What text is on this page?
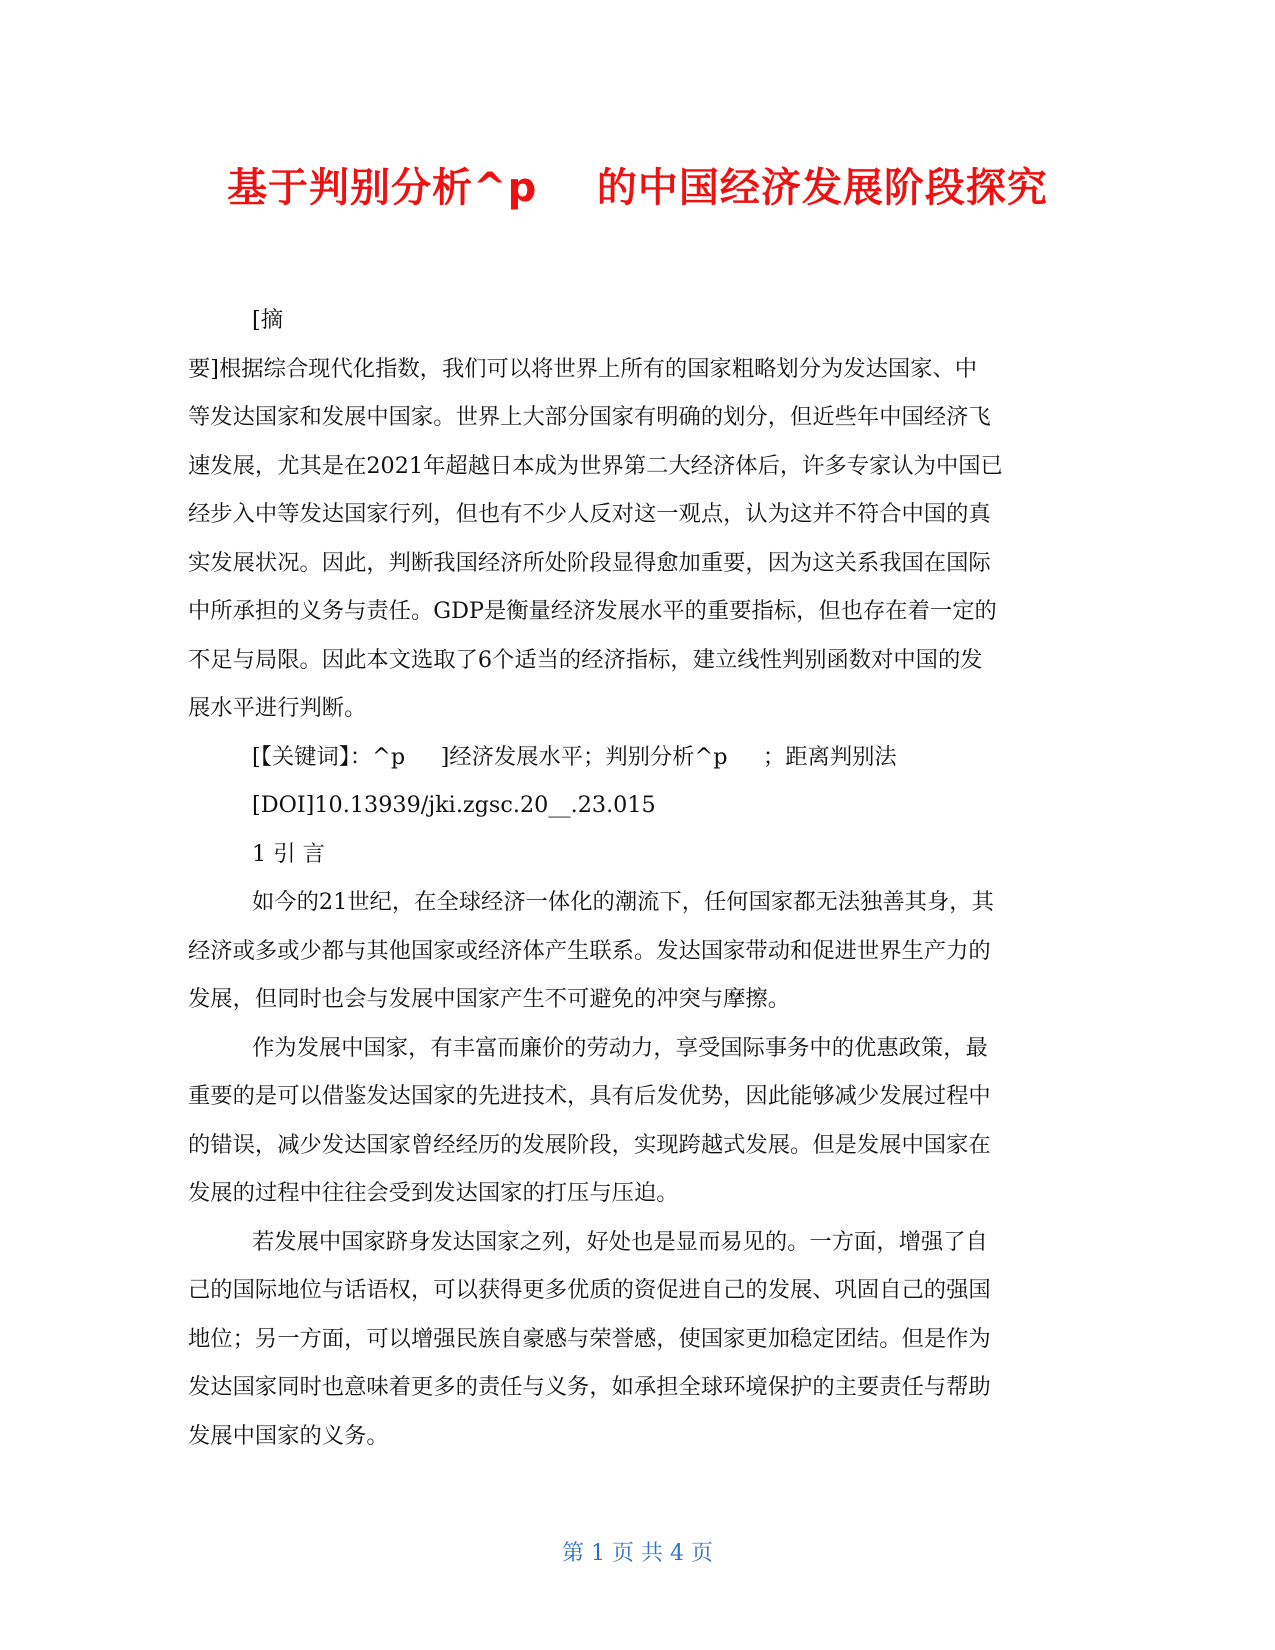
基于判别分析^p    的中国经济发展阶段探究
[摘
要]根据综合现代化指数，我们可以将世界上所有的国家粗略划分为发达国家、中
等发达国家和发展中国家。世界上大部分国家有明确的划分，但近些年中国经济飞
速发展，尤其是在2021年超越日本成为世界第二大经济体后，许多专家认为中国已
经步入中等发达国家行列，但也有不少人反对这一观点，认为这并不符合中国的真
实发展状况。因此，判断我国经济所处阶段显得愈加重要，因为这关系我国在国际
中所承担的义务与责任。GDP是衡量经济发展水平的重要指标，但也存在着一定的
不足与局限。因此本文选取了6个适当的经济指标，建立线性判别函数对中国的发
展水平进行判断。
[【关键词】：^p     ]经济发展水平；判别分析^p     ；距离判别法
[DOI]10.13939/jki.zgsc.20__.23.015
1 引 言
如今的21世纪，在全球经济一体化的潮流下，任何国家都无法独善其身，其
经济或多或少都与其他国家或经济体产生联系。发达国家带动和促进世界生产力的
发展，但同时也会与发展中国家产生不可避免的冲突与摩擦。
作为发展中国家，有丰富而廉价的劳动力，享受国际事务中的优惠政策，最
重要的是可以借鉴发达国家的先进技术，具有后发优势，因此能够减少发展过程中
的错误，减少发达国家曾经经历的发展阶段，实现跨越式发展。但是发展中国家在
发展的过程中往往会受到发达国家的打压与压迫。
若发展中国家跻身发达国家之列，好处也是显而易见的。一方面，增强了自
己的国际地位与话语权，可以获得更多优质的资促进自己的发展、巩固自己的强国
地位；另一方面，可以增强民族自豪感与荣誉感，使国家更加稳定团结。但是作为
发达国家同时也意味着更多的责任与义务，如承担全球环境保护的主要责任与帮助
发展中国家的义务。
第 1 页 共 4 页
